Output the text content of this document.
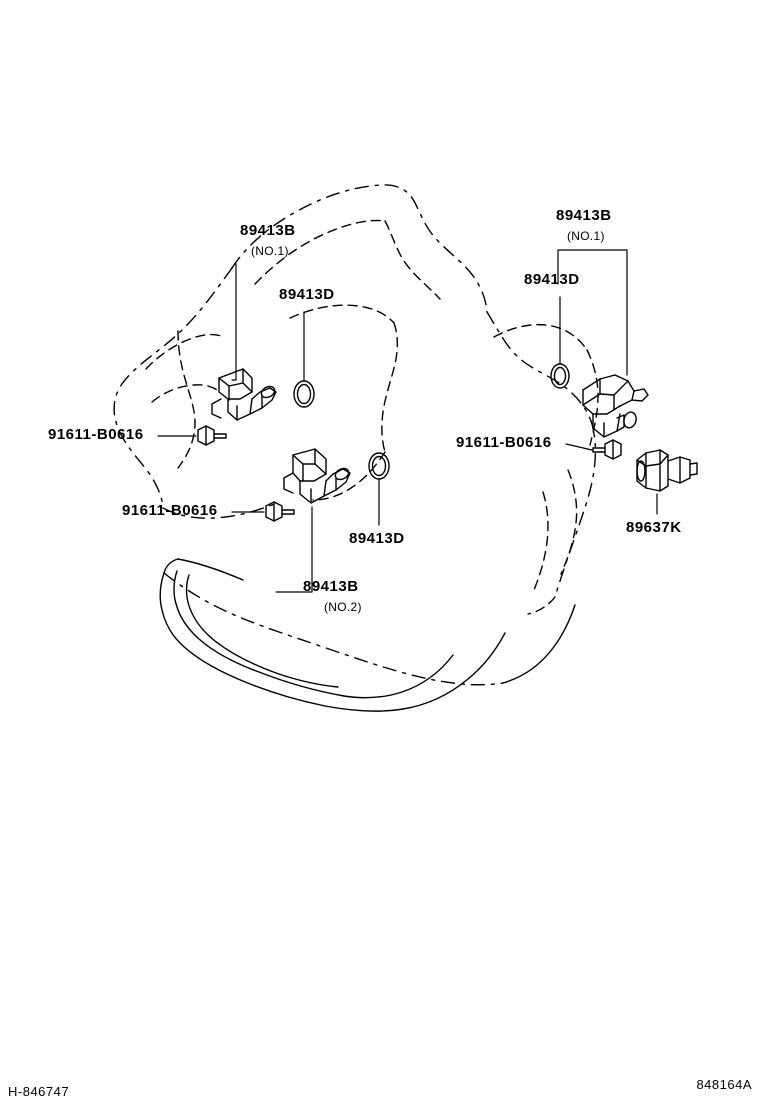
89413B
(NO.1)
89413D
89413B
(NO.1)
89413D
91611-B0616
91611-B0616
91611-B0616
89413D
89413B
(NO.2)
89637K
H-846747	848164A
